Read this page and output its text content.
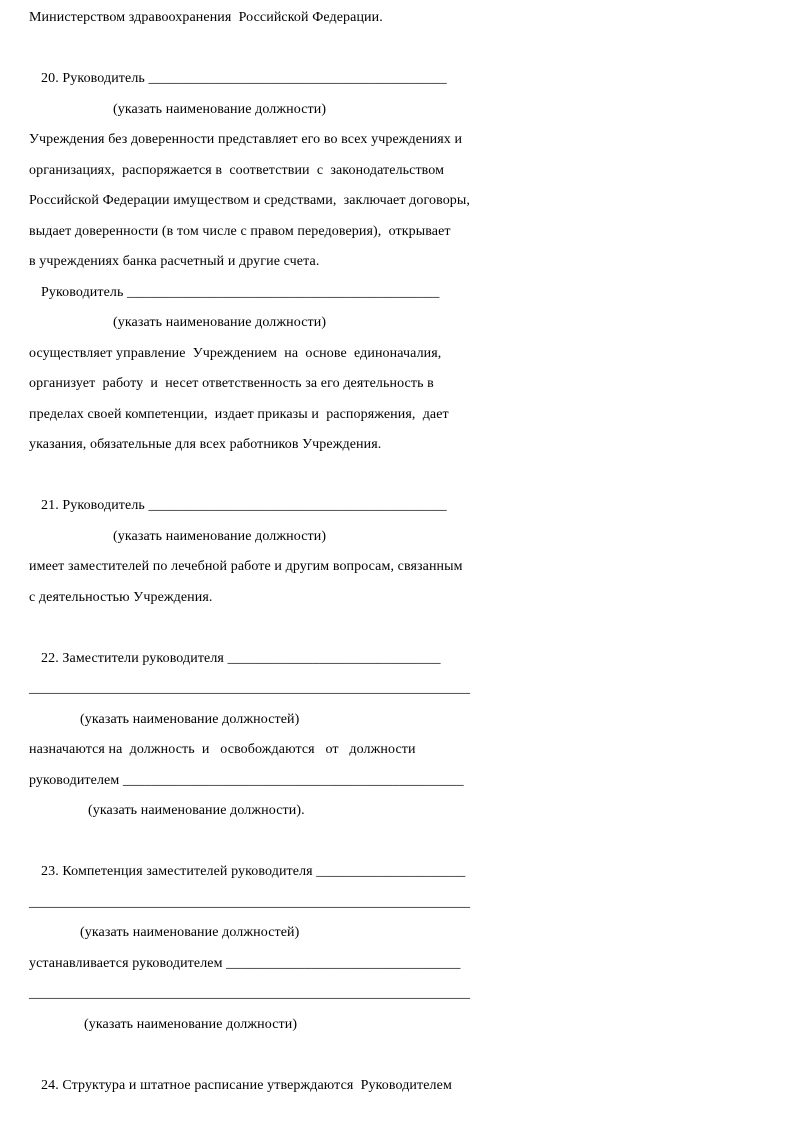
Министерством здравоохранения  Российской Федерации.
20. Руководитель __________________________________________
(указать наименование должности)
Учреждения без доверенности представляет его во всех учреждениях и
организациях,  распоряжается в  соответствии  с  законодательством
Российской Федерации имуществом и средствами,  заключает договоры,
выдает доверенности (в том числе с правом передоверия),  открывает
в учреждениях банка расчетный и другие счета.
Руководитель ____________________________________________
(указать наименование должности)
осуществляет управление  Учреждением  на  основе  единоначалия,
организует  работу  и  несет ответственность за его деятельность в
пределах своей компетенции,  издает приказы и  распоряжения,  дает
указания, обязательные для всех работников Учреждения.
21. Руководитель __________________________________________
(указать наименование должности)
имеет заместителей по лечебной работе и другим вопросам, связанным
с деятельностью Учреждения.
22. Заместители руководителя ______________________________
_______________________________________________________________
(указать наименование должностей)
назначаются на  должность  и   освобождаются   от   должности
руководителем ________________________________________________
(указать наименование должности).
23. Компетенция заместителей руководителя _____________________
_______________________________________________________________
(указать наименование должностей)
устанавливается руководителем _________________________________
_______________________________________________________________
(указать наименование должности)
24. Структура и штатное расписание утверждаются  Руководителем
